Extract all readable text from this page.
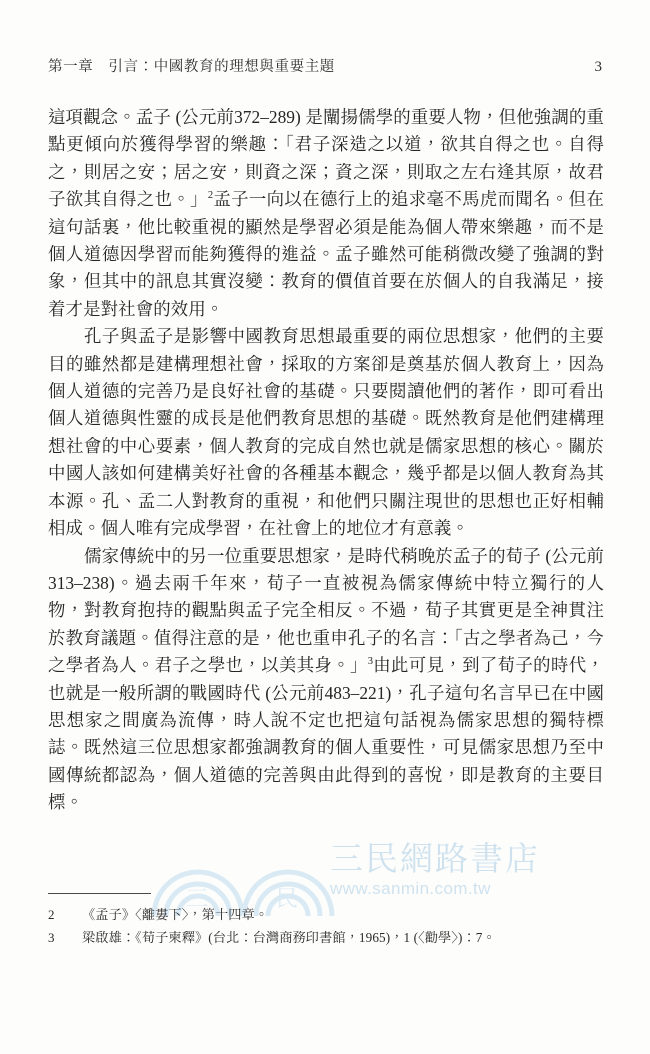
第一章　引言：中國教育的理想與重要主題	3

這項觀念。孟子 (公元前372–289) 是闡揚儒學的重要人物，但他強調的重點更傾向於獲得學習的樂趣：「君子深造之以道，欲其自得之也。自得之，則居之安；居之安，則資之深；資之深，則取之左右逢其原，故君子欲其自得之也。」$^2$孟子一向以在德行上的追求毫不馬虎而聞名。但在這句話裏，他比較重視的顯然是學習必須是能為個人帶來樂趣，而不是個人道德因學習而能夠獲得的進益。孟子雖然可能稍微改變了強調的對象，但其中的訊息其實沒變：教育的價值首要在於個人的自我滿足，接着才是對社會的效用。

孔子與孟子是影響中國教育思想最重要的兩位思想家，他們的主要目的雖然都是建構理想社會，採取的方案卻是奠基於個人教育上，因為個人道德的完善乃是良好社會的基礎。只要閱讀他們的著作，即可看出個人道德與性靈的成長是他們教育思想的基礎。既然教育是他們建構理想社會的中心要素，個人教育的完成自然也就是儒家思想的核心。關於中國人該如何建構美好社會的各種基本觀念，幾乎都是以個人教育為其本源。孔、孟二人對教育的重視，和他們只關注現世的思想也正好相輔相成。個人唯有完成學習，在社會上的地位才有意義。

儒家傳統中的另一位重要思想家，是時代稍晚於孟子的荀子 (公元前313–238)。過去兩千年來，荀子一直被視為儒家傳統中特立獨行的人物，對教育抱持的觀點與孟子完全相反。不過，荀子其實更是全神貫注於教育議題。值得注意的是，他也重申孔子的名言：「古之學者為己，今之學者為人。君子之學也，以美其身。」$^3$由此可見，到了荀子的時代，也就是一般所謂的戰國時代 (公元前483–221)，孔子這句名言早已在中國思想家之間廣為流傳，時人說不定也把這句話視為儒家思想的獨特標誌。既然這三位思想家都強調教育的個人重要性，可見儒家思想乃至中國傳統都認為，個人道德的完善與由此得到的喜悅，即是教育的主要目標。

三	民
三民網路書店
www.sanmin.com.tw
2	《孟子》〈離婁下〉，第十四章。
3	梁啟雄：《荀子柬釋》(台北：台灣商務印書館，1965)，1 (〈勸學〉)：7。
